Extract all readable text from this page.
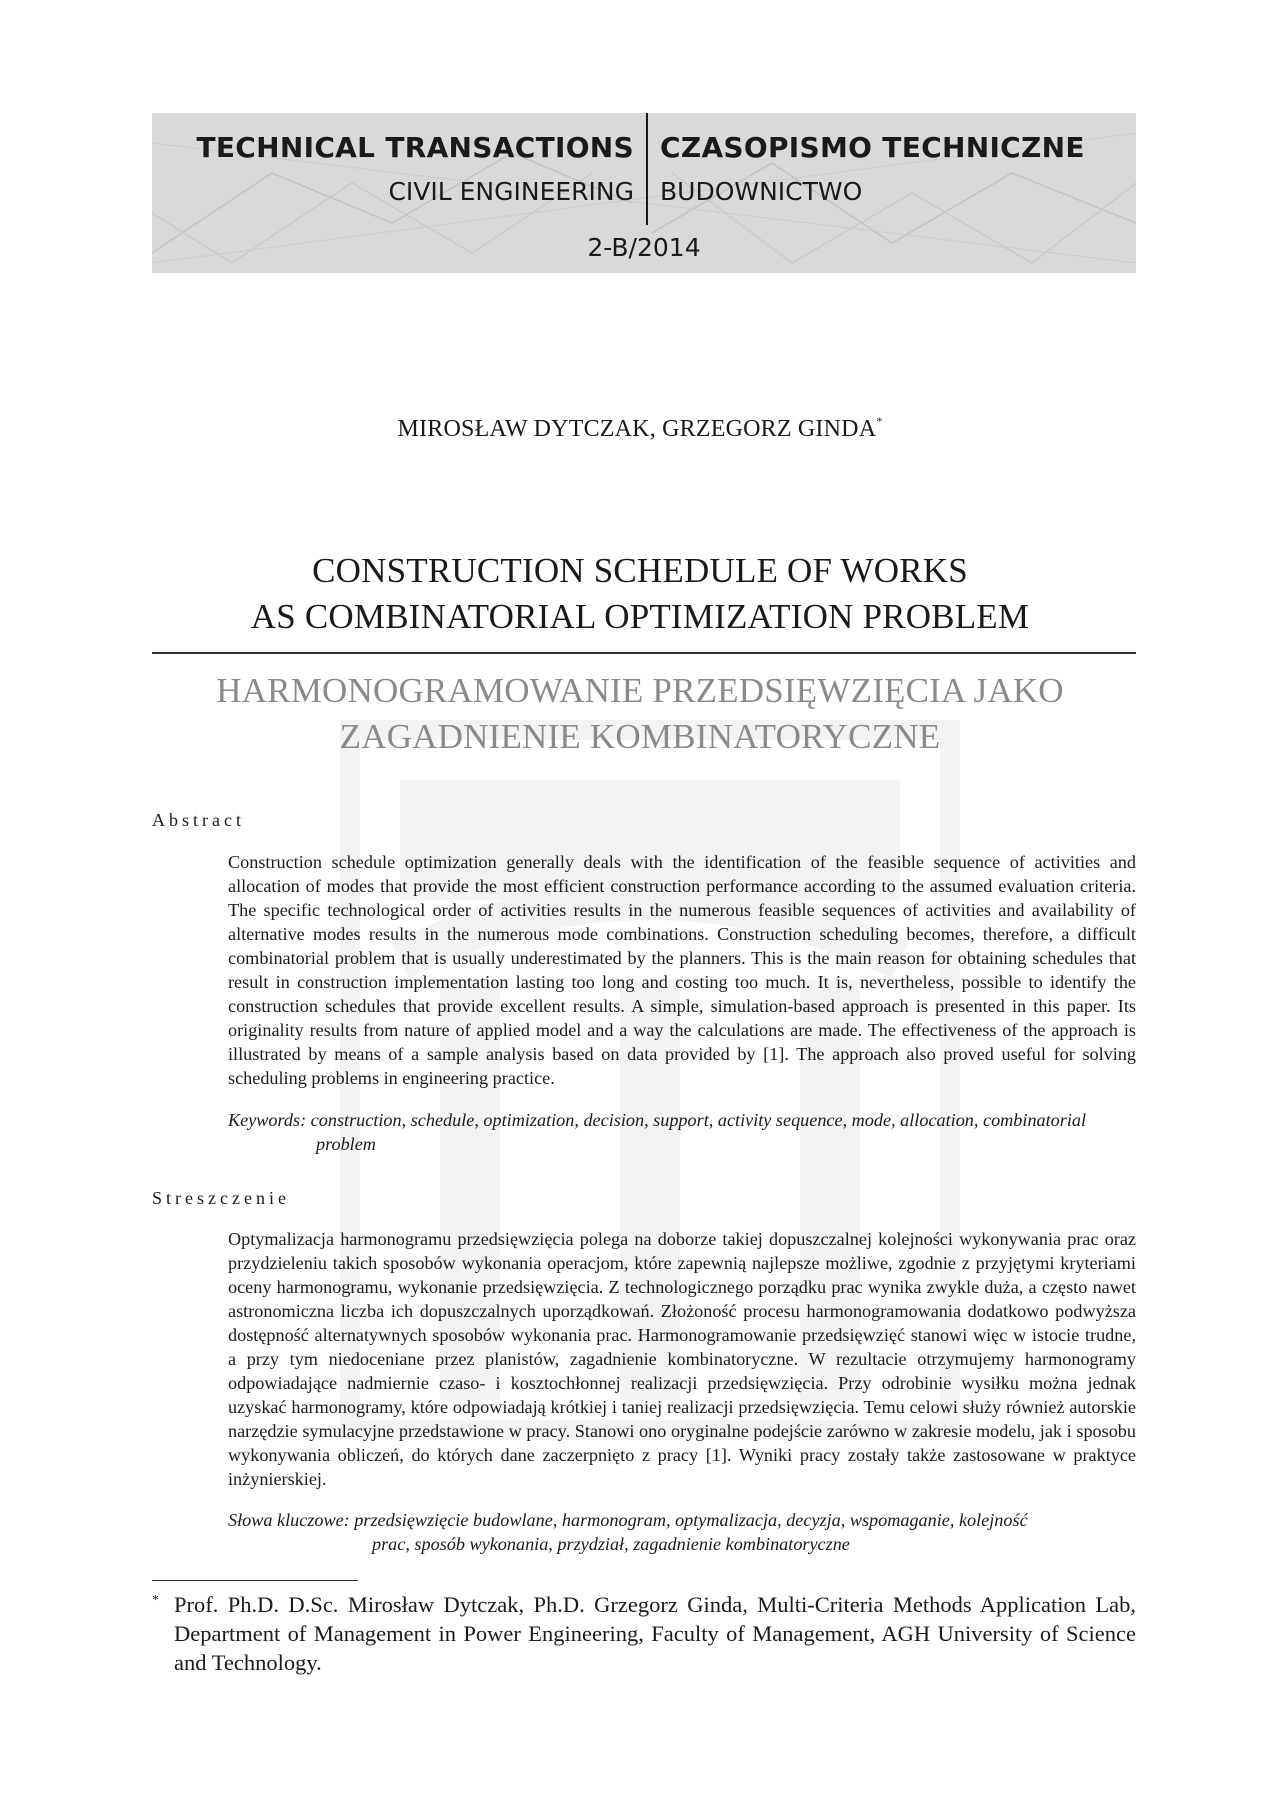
TECHNICAL TRANSACTIONS
CIVIL ENGINEERING
CZASOPISMO TECHNICZNE
BUDOWNICTWO
2-B/2014
MIROSŁAW DYTCZAK, GRZEGORZ GINDA*
CONSTRUCTION SCHEDULE OF WORKS
AS COMBINATORIAL OPTIMIZATION PROBLEM
HARMONOGRAMOWANIE PRZEDSIĘWZIĘCIA JAKO
ZAGADNIENIE KOMBINATORYCZNE
Abstract
Construction schedule optimization generally deals with the identification of the feasible sequence of activities and allocation of modes that provide the most efficient construction performance according to the assumed evaluation criteria. The specific technological order of activities results in the numerous feasible sequences of activities and availability of alternative modes results in the numerous mode combinations. Construction scheduling becomes, therefore, a difficult combinatorial problem that is usually underestimated by the planners. This is the main reason for obtaining schedules that result in construction implementation lasting too long and costing too much. It is, nevertheless, possible to identify the construction schedules that provide excellent results. A simple, simulation-based approach is presented in this paper. Its originality results from nature of applied model and a way the calculations are made. The effectiveness of the approach is illustrated by means of a sample analysis based on data provided by [1]. The approach also proved useful for solving scheduling problems in engineering practice.
Keywords: construction, schedule, optimization, decision, support, activity sequence, mode, allocation, combinatorial
problem
Streszczenie
Optymalizacja harmonogramu przedsięwzięcia polega na doborze takiej dopuszczalnej kolejności wykonywania prac oraz przydzieleniu takich sposobów wykonania operacjom, które zapewnią najlepsze możliwe, zgodnie z przyjętymi kryteriami oceny harmonogramu, wykonanie przedsięwzięcia. Z technologicznego porządku prac wynika zwykle duża, a często nawet astronomiczna liczba ich dopuszczalnych uporządkowań. Złożoność procesu harmonogramowania dodatkowo podwyższa dostępność alternatywnych sposobów wykonania prac. Harmonogramowanie przedsięwzięć stanowi więc w istocie trudne, a przy tym niedoceniane przez planistów, zagadnienie kombinatoryczne. W rezultacie otrzymujemy harmonogramy odpowiadające nadmiernie czaso- i kosztochłonnej realizacji przedsięwzięcia. Przy odrobinie wysiłku można jednak uzyskać harmonogramy, które odpowiadają krótkiej i taniej realizacji przedsięwzięcia. Temu celowi służy również autorskie narzędzie symulacyjne przedstawione w pracy. Stanowi ono oryginalne podejście zarówno w zakresie modelu, jak i sposobu wykonywania obliczeń, do których dane zaczerpnięto z pracy [1]. Wyniki pracy zostały także zastosowane w praktyce inżynierskiej.
Słowa kluczowe: przedsięwzięcie budowlane, harmonogram, optymalizacja, decyzja, wspomaganie, kolejność
prac, sposób wykonania, przydział, zagadnienie kombinatoryczne
* Prof. Ph.D. D.Sc. Mirosław Dytczak, Ph.D. Grzegorz Ginda, Multi-Criteria Methods Application Lab, Department of Management in Power Engineering, Faculty of Management, AGH University of Science and Technology.
